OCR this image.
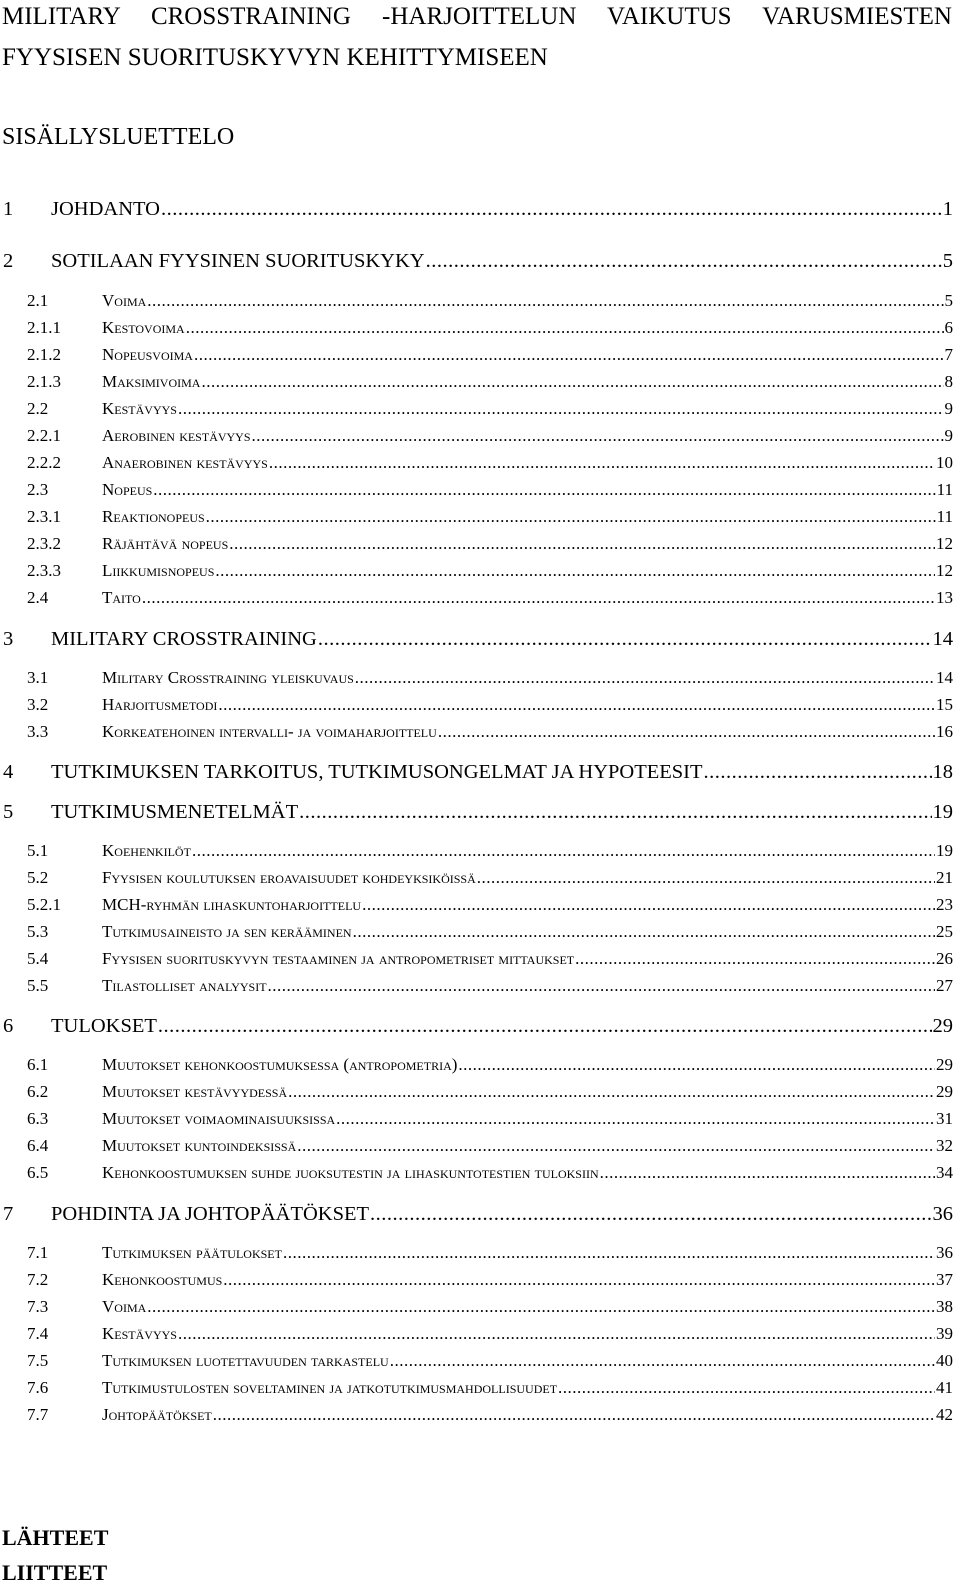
MILITARY CROSSTRAINING -HARJOITTELUN VAIKUTUS VARUSMIESTEN FYYSISEN SUORITUSKYVYN KEHITTYMISEEN
SISÄLLYSLUETTELO
1	JOHDANTO .....	1
2	SOTILAAN FYYSINEN SUORITUSKYKY .....	5
2.1	Voima .....	5
2.1.1	Kestovoima .....	6
2.1.2	Nopeusvoima .....	7
2.1.3	Maksimivoima .....	8
2.2	Kestävyys .....	9
2.2.1	Aerobinen kestävyys .....	9
2.2.2	Anaerobinen kestävyys .....	10
2.3	Nopeus .....	11
2.3.1	Reaktionopeus .....	11
2.3.2	Räjähtävä nopeus .....	12
2.3.3	Liikkumisnopeus .....	12
2.4	Taito .....	13
3	MILITARY CROSSTRAINING .....	14
3.1	Military Crosstraining yleiskuvaus .....	14
3.2	Harjoitusmetodi .....	15
3.3	Korkeatehoinen intervalli- ja voimaharjoittelu .....	16
4	TUTKIMUKSEN TARKOITUS, TUTKIMUSONGELMAT JA HYPOTEESIT .....	18
5	TUTKIMUSMENETELMÄT .....	19
5.1	Koehenkilöt .....	19
5.2	Fyysisen koulutuksen eroavaisuudet kohdeyksiköissä .....	21
5.2.1	MCH-ryhmän lihaskuntoharjoittelu .....	23
5.3	Tutkimusaineisto ja sen kerääminen .....	25
5.4	Fyysisen suorituskyvyn testaaminen ja antropometriset mittaukset .....	26
5.5	Tilastolliset analyysit .....	27
6	TULOKSET .....	29
6.1	Muutokset kehonkoostumuksessa (antropometria) .....	29
6.2	Muutokset kestävyydessä .....	29
6.3	Muutokset voimaominaisuuksissa .....	31
6.4	Muutokset kuntoindeksissä .....	32
6.5	Kehonkoostumuksen suhde juoksutestin ja lihaskuntotestien tuloksiin .....	34
7	POHDINTA JA JOHTOPÄÄTÖKSET .....	36
7.1	Tutkimuksen päätulokset .....	36
7.2	Kehonkoostumus .....	37
7.3	Voima .....	38
7.4	Kestävyys .....	39
7.5	Tutkimuksen luotettavuuden tarkastelu .....	40
7.6	Tutkimustulosten soveltaminen ja jatkotutkimusmahdollisuudet .....	41
7.7	Johtopäätökset .....	42
LÄHTEET
LIITTEET
